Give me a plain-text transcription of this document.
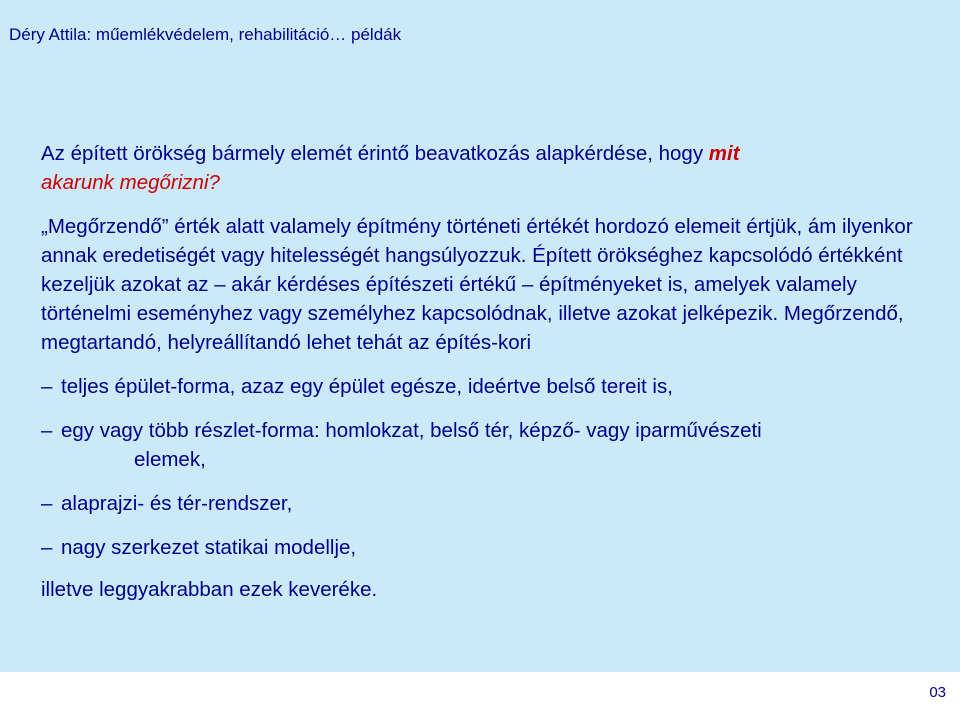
Déry Attila: műemlékvédelem, rehabilitáció… példák

Az épített örökség bármely elemét érintő beavatkozás alapkérdése, hogy mit
akarunk megőrizni?

„Megőrzendő” érték alatt valamely építmény történeti értékét hordozó elemeit értjük, ám ilyenkor annak eredetiségét vagy hitelességét hangsúlyozzuk. Épített örökséghez kapcsolódó értékként kezeljük azokat az – akár kérdéses építészeti értékű – építményeket is, amelyek valamely történelmi eseményhez vagy személyhez kapcsolódnak, illetve azokat jelképezik. Megőrzendő, megtartandó, helyreállítandó lehet tehát az építés-kori

– teljes épület-forma, azaz egy épület egésze, ideértve belső tereit is,

– egy vagy több részlet-forma: homlokzat, belső tér, képző- vagy iparművészeti
elemek,

– alaprajzi- és tér-rendszer,

– nagy szerkezet statikai modellje,

illetve leggyakrabban ezek keveréke.

03
